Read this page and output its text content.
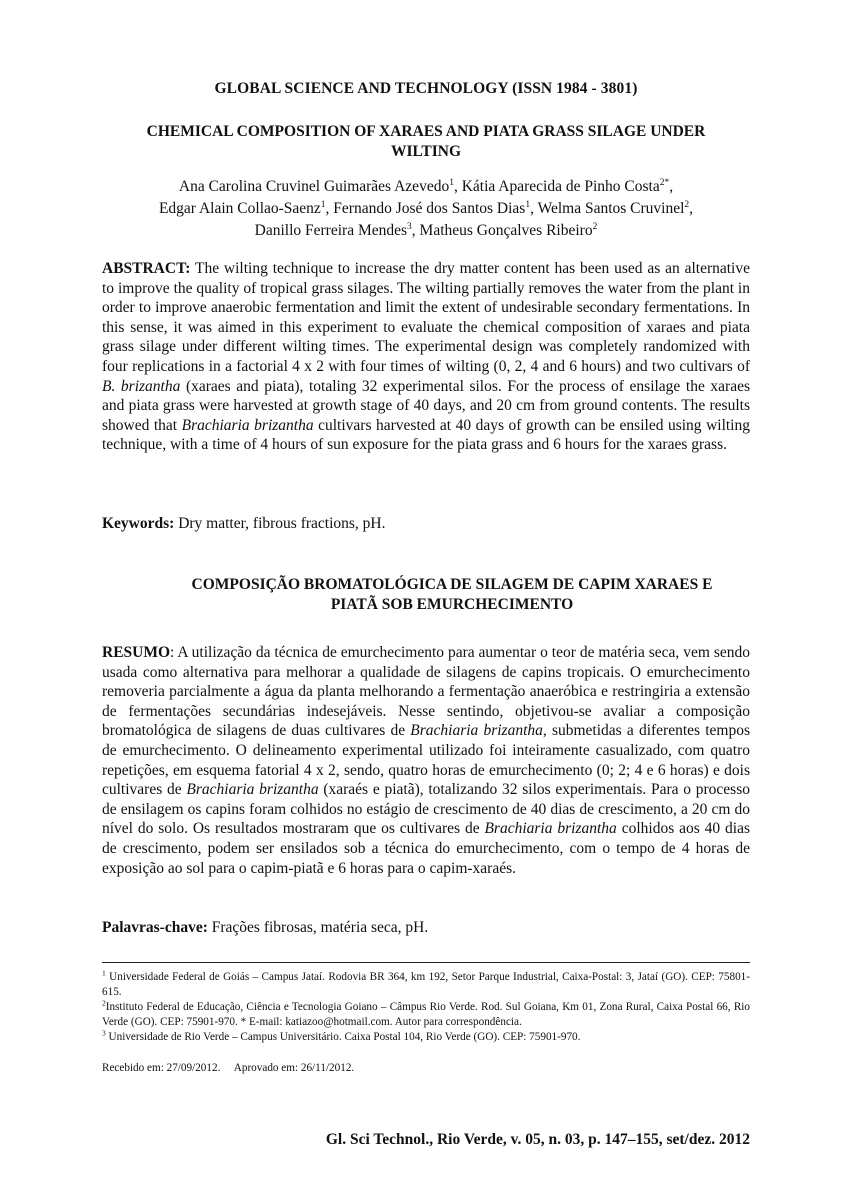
GLOBAL SCIENCE AND TECHNOLOGY (ISSN 1984 - 3801)
CHEMICAL COMPOSITION OF XARAES AND PIATA GRASS SILAGE UNDER
WILTING
Ana Carolina Cruvinel Guimarães Azevedo$^1$, Kátia Aparecida de Pinho Costa$^{2*}$,
Edgar Alain Collao-Saenz$^1$, Fernando José dos Santos Dias$^1$, Welma Santos Cruvinel$^2$,
Danillo Ferreira Mendes$^3$, Matheus Gonçalves Ribeiro$^2$
ABSTRACT: The wilting technique to increase the dry matter content has been used as an alternative to improve the quality of tropical grass silages. The wilting partially removes the water from the plant in order to improve anaerobic fermentation and limit the extent of undesirable secondary fermentations. In this sense, it was aimed in this experiment to evaluate the chemical composition of xaraes and piata grass silage under different wilting times. The experimental design was completely randomized with four replications in a factorial 4 x 2 with four times of wilting (0, 2, 4 and 6 hours) and two cultivars of B. brizantha (xaraes and piata), totaling 32 experimental silos. For the process of ensilage the xaraes and piata grass were harvested at growth stage of 40 days, and 20 cm from ground contents. The results showed that Brachiaria brizantha cultivars harvested at 40 days of growth can be ensiled using wilting technique, with a time of 4 hours of sun exposure for the piata grass and 6 hours for the xaraes grass.
Keywords: Dry matter, fibrous fractions, pH.
COMPOSIÇÃO BROMATOLÓGICA DE SILAGEM DE CAPIM XARAES E
PIATÃ SOB EMURCHECIMENTO
RESUMO: A utilização da técnica de emurchecimento para aumentar o teor de matéria seca, vem sendo usada como alternativa para melhorar a qualidade de silagens de capins tropicais. O emurchecimento removeria parcialmente a água da planta melhorando a fermentação anaeróbica e restringiria a extensão de fermentações secundárias indesejáveis. Nesse sentindo, objetivou-se avaliar a composição bromatológica de silagens de duas cultivares de Brachiaria brizantha, submetidas a diferentes tempos de emurchecimento. O delineamento experimental utilizado foi inteiramente casualizado, com quatro repetições, em esquema fatorial 4 x 2, sendo, quatro horas de emurchecimento (0; 2; 4 e 6 horas) e dois cultivares de Brachiaria brizantha (xaraés e piatã), totalizando 32 silos experimentais. Para o processo de ensilagem os capins foram colhidos no estágio de crescimento de 40 dias de crescimento, a 20 cm do nível do solo. Os resultados mostraram que os cultivares de Brachiaria brizantha colhidos aos 40 dias de crescimento, podem ser ensilados sob a técnica do emurchecimento, com o tempo de 4 horas de exposição ao sol para o capim-piatã e 6 horas para o capim-xaraés.
Palavras-chave: Frações fibrosas, matéria seca, pH.
$^1$ Universidade Federal de Goiás – Campus Jataí. Rodovia BR 364, km 192, Setor Parque Industrial, Caixa-Postal: 3, Jataí (GO). CEP: 75801-615.
$^2$Instituto Federal de Educação, Ciência e Tecnologia Goiano – Câmpus Rio Verde. Rod. Sul Goiana, Km 01, Zona Rural, Caixa Postal 66, Rio Verde (GO). CEP: 75901-970. * E-mail: katiazoo@hotmail.com. Autor para correspondência.
$^3$ Universidade de Rio Verde – Campus Universitário. Caixa Postal 104, Rio Verde (GO). CEP: 75901-970.
Recebido em: 27/09/2012. Aprovado em: 26/11/2012.
Gl. Sci Technol., Rio Verde, v. 05, n. 03, p. 147–155, set/dez. 2012
